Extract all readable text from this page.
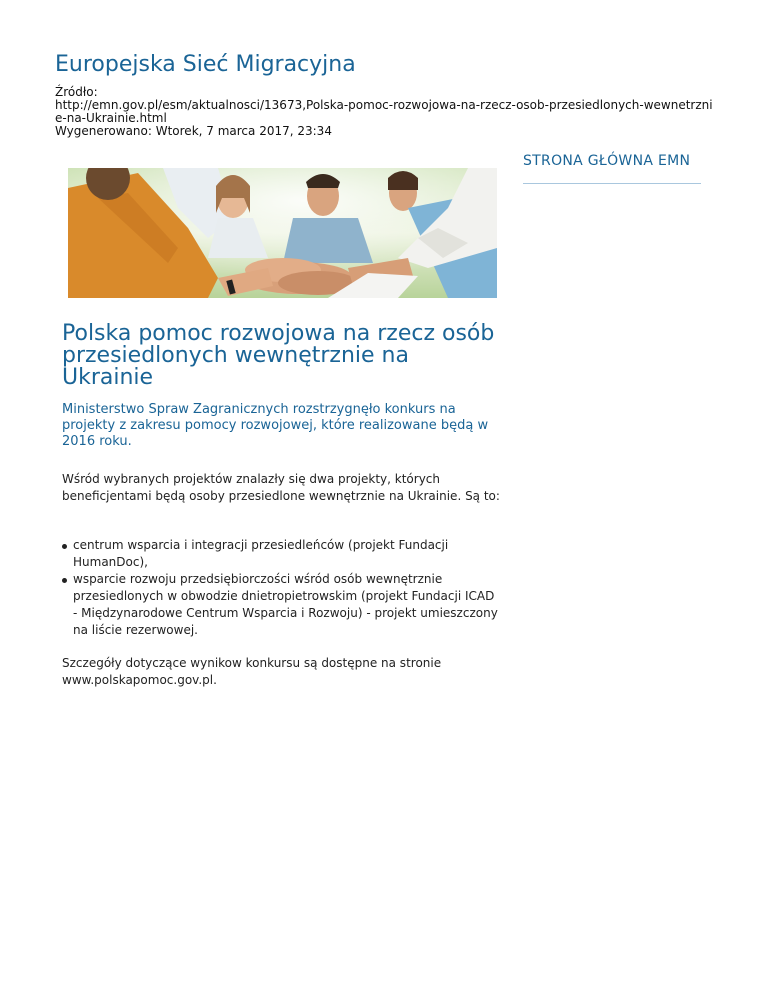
Europejska Sieć Migracyjna
Źródło:
http://emn.gov.pl/esm/aktualnosci/13673,Polska-pomoc-rozwojowa-na-rzecz-osob-przesiedlonych-wewnetrznie-na-Ukrainie.html
Wygenerowano: Wtorek, 7 marca 2017, 23:34
STRONA GŁÓWNA EMN
Polska pomoc rozwojowa na rzecz osób przesiedlonych wewnętrznie na Ukrainie
Ministerstwo Spraw Zagranicznych rozstrzygnęło konkurs na projekty z zakresu pomocy rozwojowej, które realizowane będą w 2016 roku.

Wśród wybranych projektów znalazły się dwa projekty, których beneficjentami będą osoby przesiedlone wewnętrznie na Ukrainie. Są to:

centrum wsparcia i integracji przesiedleńców (projekt Fundacji HumanDoc),
wsparcie rozwoju przedsiębiorczości wśród osób wewnętrznie przesiedlonych w obwodzie dnietropietrowskim (projekt Fundacji ICAD - Międzynarodowe Centrum Wsparcia i Rozwoju) - projekt umieszczony na liście rezerwowej.
Szczegóły dotyczące wynikow konkursu są dostępne na stronie www.polskapomoc.gov.pl.
